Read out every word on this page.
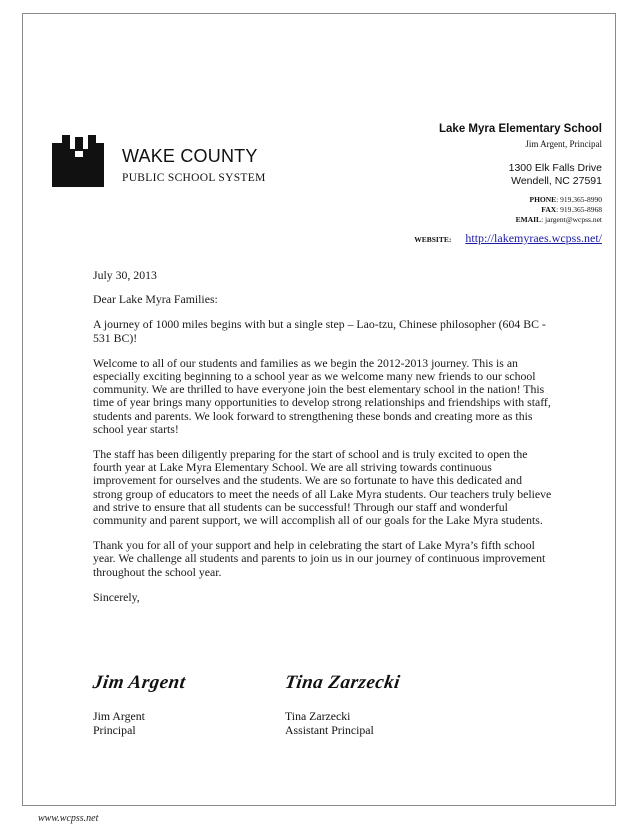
WAKE COUNTY
PUBLIC SCHOOL SYSTEM
Lake Myra Elementary School
Jim Argent, Principal
1300 Elk Falls Drive
Wendell, NC 27591
PHONE: 919.365-8990
FAX: 919.365-8968
EMAIL: jargent@wcpss.net
WEBSITE: http://lakemyraes.wcpss.net/

July 30, 2013

Dear Lake Myra Families:

A journey of 1000 miles begins with but a single step – Lao-tzu, Chinese philosopher (604 BC - 531 BC)!

Welcome to all of our students and families as we begin the 2012-2013 journey. This is an especially exciting beginning to a school year as we welcome many new friends to our school community. We are thrilled to have everyone join the best elementary school in the nation! This time of year brings many opportunities to develop strong relationships and friendships with staff, students and parents. We look forward to strengthening these bonds and creating more as this school year starts!

The staff has been diligently preparing for the start of school and is truly excited to open the fourth year at Lake Myra Elementary School. We are all striving towards continuous improvement for ourselves and the students. We are so fortunate to have this dedicated and strong group of educators to meet the needs of all Lake Myra students. Our teachers truly believe and strive to ensure that all students can be successful! Through our staff and wonderful community and parent support, we will accomplish all of our goals for the Lake Myra students.

Thank you for all of your support and help in celebrating the start of Lake Myra’s fifth school year. We challenge all students and parents to join us in our journey of continuous improvement throughout the school year.

Sincerely,

Jim Argent
Jim Argent
Principal
Tina Zarzecki
Tina Zarzecki
Assistant Principal
www.wcpss.net
